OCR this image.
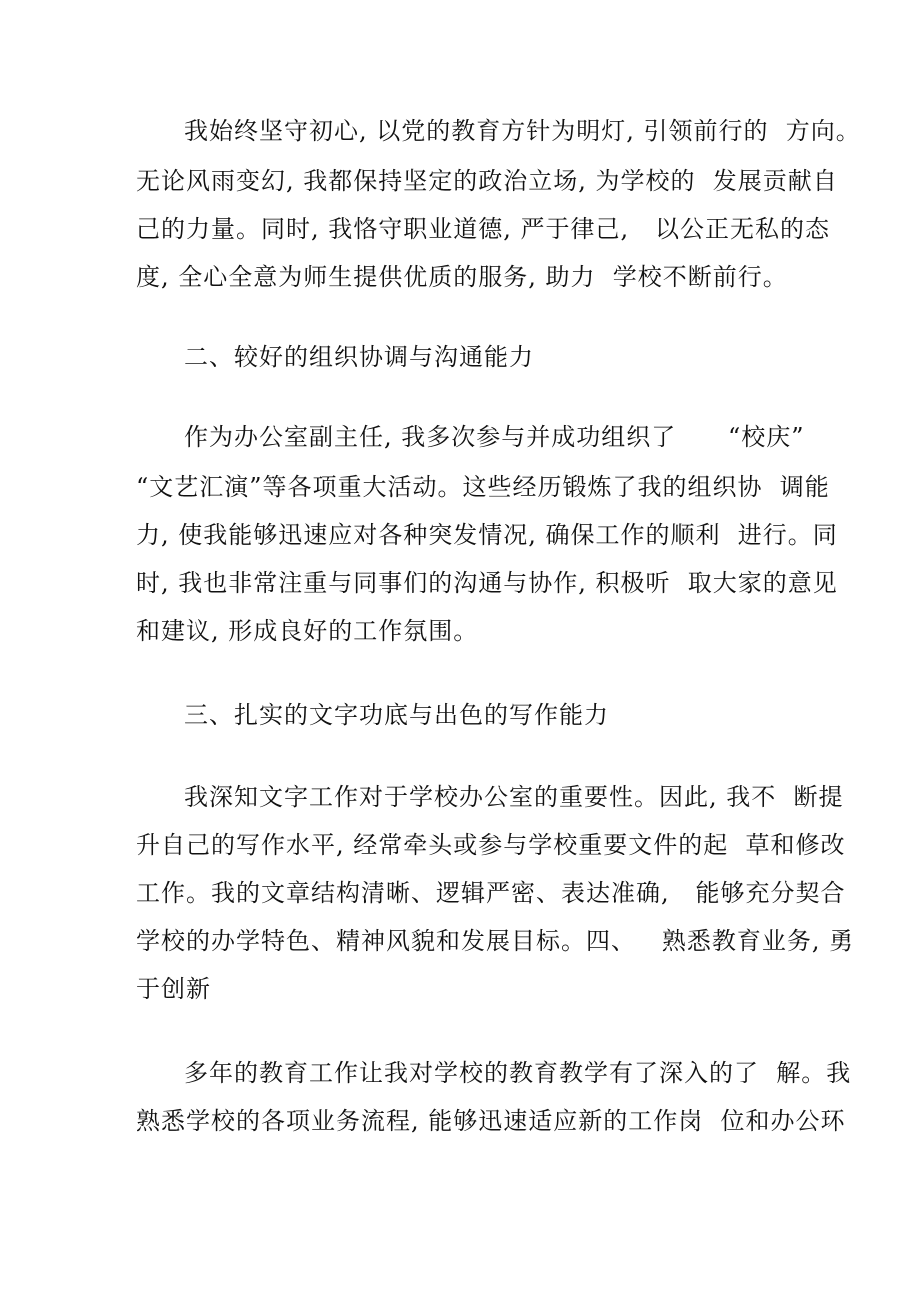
我始终坚守初心, 以党的教育方针为明灯, 引领前行的  方向。
无论风雨变幻, 我都保持坚定的政治立场, 为学校的  发展贡献自
己的力量。同时, 我恪守职业道德, 严于律己,   以公正无私的态
度, 全心全意为师生提供优质的服务, 助力  学校不断前行。
二、较好的组织协调与沟通能力
作为办公室副主任, 我多次参与并成功组织了      “校庆”
“文艺汇演”等各项重大活动。这些经历锻炼了我的组织协  调能
力, 使我能够迅速应对各种突发情况, 确保工作的顺利  进行。同
时, 我也非常注重与同事们的沟通与协作, 积极听  取大家的意见
和建议, 形成良好的工作氛围。
三、扎实的文字功底与出色的写作能力
我深知文字工作对于学校办公室的重要性。因此, 我不  断提
升自己的写作水平, 经常牵头或参与学校重要文件的起  草和修改
工作。我的文章结构清晰、逻辑严密、表达准确,   能够充分契合
学校的办学特色、精神风貌和发展目标。四、   熟悉教育业务, 勇
于创新
多年的教育工作让我对学校的教育教学有了深入的了  解。我
熟悉学校的各项业务流程, 能够迅速适应新的工作岗  位和办公环
